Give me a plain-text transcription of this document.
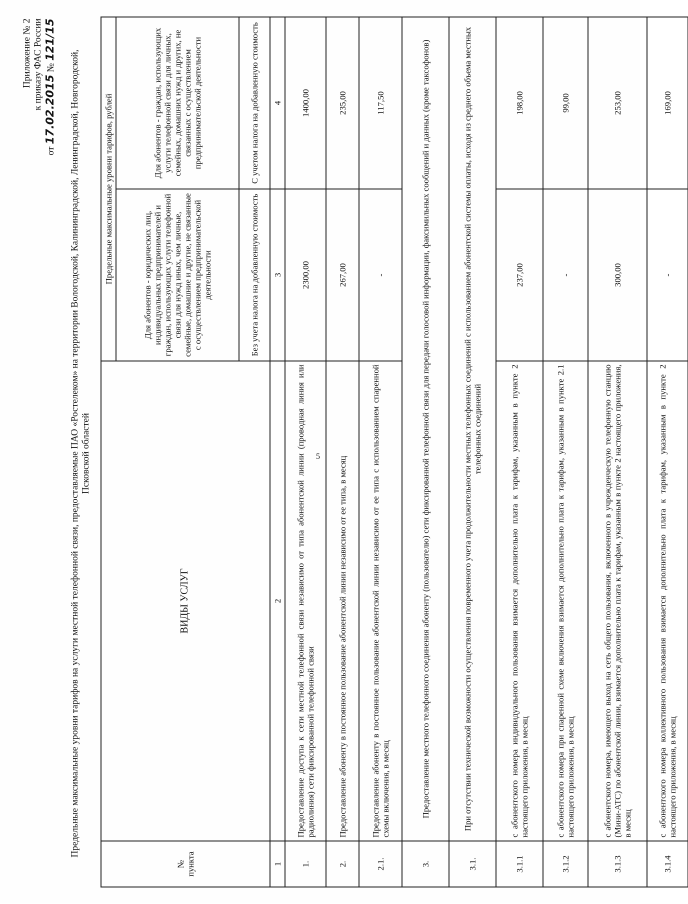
5
Приложение № 2 к приказу ФАС России
от 17.02.2015 № 121/15
Предельные максимальные уровни тарифов на услуги местной телефонной связи, предоставляемые ПАО «Ростелеком» на территории Вологодской, Калининградской, Ленинградской, Новгородской,
Псковской областей
№
пункта	ВИДЫ УСЛУГ	Предельные максимальные уровни тарифов, рублей	
		Для абонентов - юридических лиц, индивидуальных предпринимателей и граждан, использующих услуги телефонной связи для нужд иных, чем личные, семейные, домашние и другие, не связанные с осуществлением предпринимательской деятельности	Для абонентов - граждан, использующих услуги телефонной связи для личных, семейных, домашних нужд и других, не связанных с осуществлением предпринимательской деятельности
		Без учета налога на добавленную стоимость	С учетом налога на добавленную стоимость
1	2	3	4
1.	Предоставление доступа к сети местной телефонной связи независимо от типа абонентской линии (проводная линия или радиолиния) сети фиксированной телефонной связи	2300,00	1400,00
2.	Предоставление абоненту в постоянное пользование абонентской линии независимо от ее типа, в месяц	267,00	235,00
2.1.	Предоставление абоненту в постоянное пользование абонентской линии независимо от ее типа с использованием спаренной схемы включения, в месяц	-	117,50
3.	Предоставление местного телефонного соединения абоненту (пользователю) сети фиксированной телефонной связи для передачи голосовой информации, факсимильных сообщений и данных (кроме таксофонов)		
3.1.	При отсутствии технической возможности осуществления повременного учета продолжительности местных телефонных соединений с использованием абонентской системы оплаты, исходя из среднего объема местных телефонных соединений		
3.1.1	с абонентского номера индивидуального пользования взимается дополнительно плата к тарифам, указанным в пункте 2 настоящего приложения, в месяц	237,00	198,00
3.1.2	с абонентского номера при спаренной схеме включения взимается дополнительно плата к тарифам, указанным в пункте 2.1 настоящего приложения, в месяц	-	99,00
3.1.3	с абонентского номера, имеющего выход на сеть общего пользования, включенного в учрежденческую телефонную станцию (Мини-АТС) по абонентской линии, взимается дополнительно плата к тарифам, указанным в пункте 2 настоящего приложения, в месяц	300,00	253,00
3.1.4	с абонентского номера коллективного пользования взимается дополнительно плата к тарифам, указанным в пункте 2 настоящего приложения, в месяц	-	169,00
